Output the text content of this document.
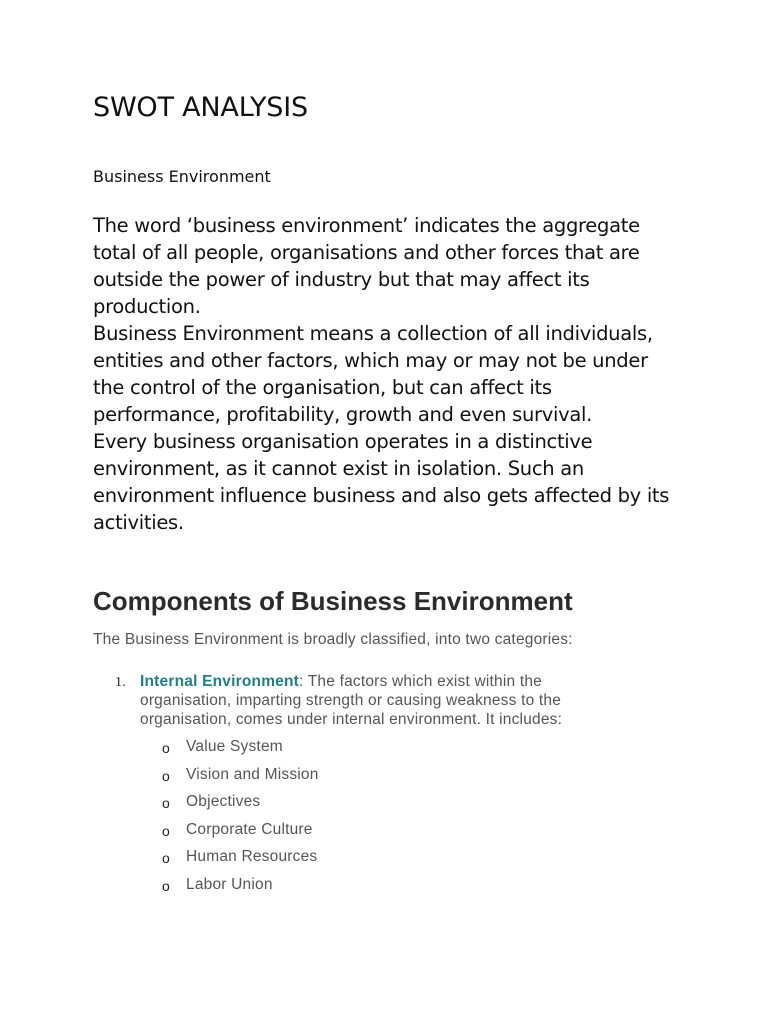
SWOT ANALYSIS

Business Environment

The word ‘business environment’ indicates the aggregate total of all people, organisations and other forces that are outside the power of industry but that may affect its production.

Business Environment means a collection of all individuals, entities and other factors, which may or may not be under the control of the organisation, but can affect its performance, profitability, growth and even survival.

Every business organisation operates in a distinctive environment, as it cannot exist in isolation. Such an environment influence business and also gets affected by its activities.

Components of Business Environment

The Business Environment is broadly classified, into two categories:

1. Internal Environment: The factors which exist within the organisation, imparting strength or causing weakness to the organisation, comes under internal environment. It includes:
o Value System
o Vision and Mission
o Objectives
o Corporate Culture
o Human Resources
o Labor Union
